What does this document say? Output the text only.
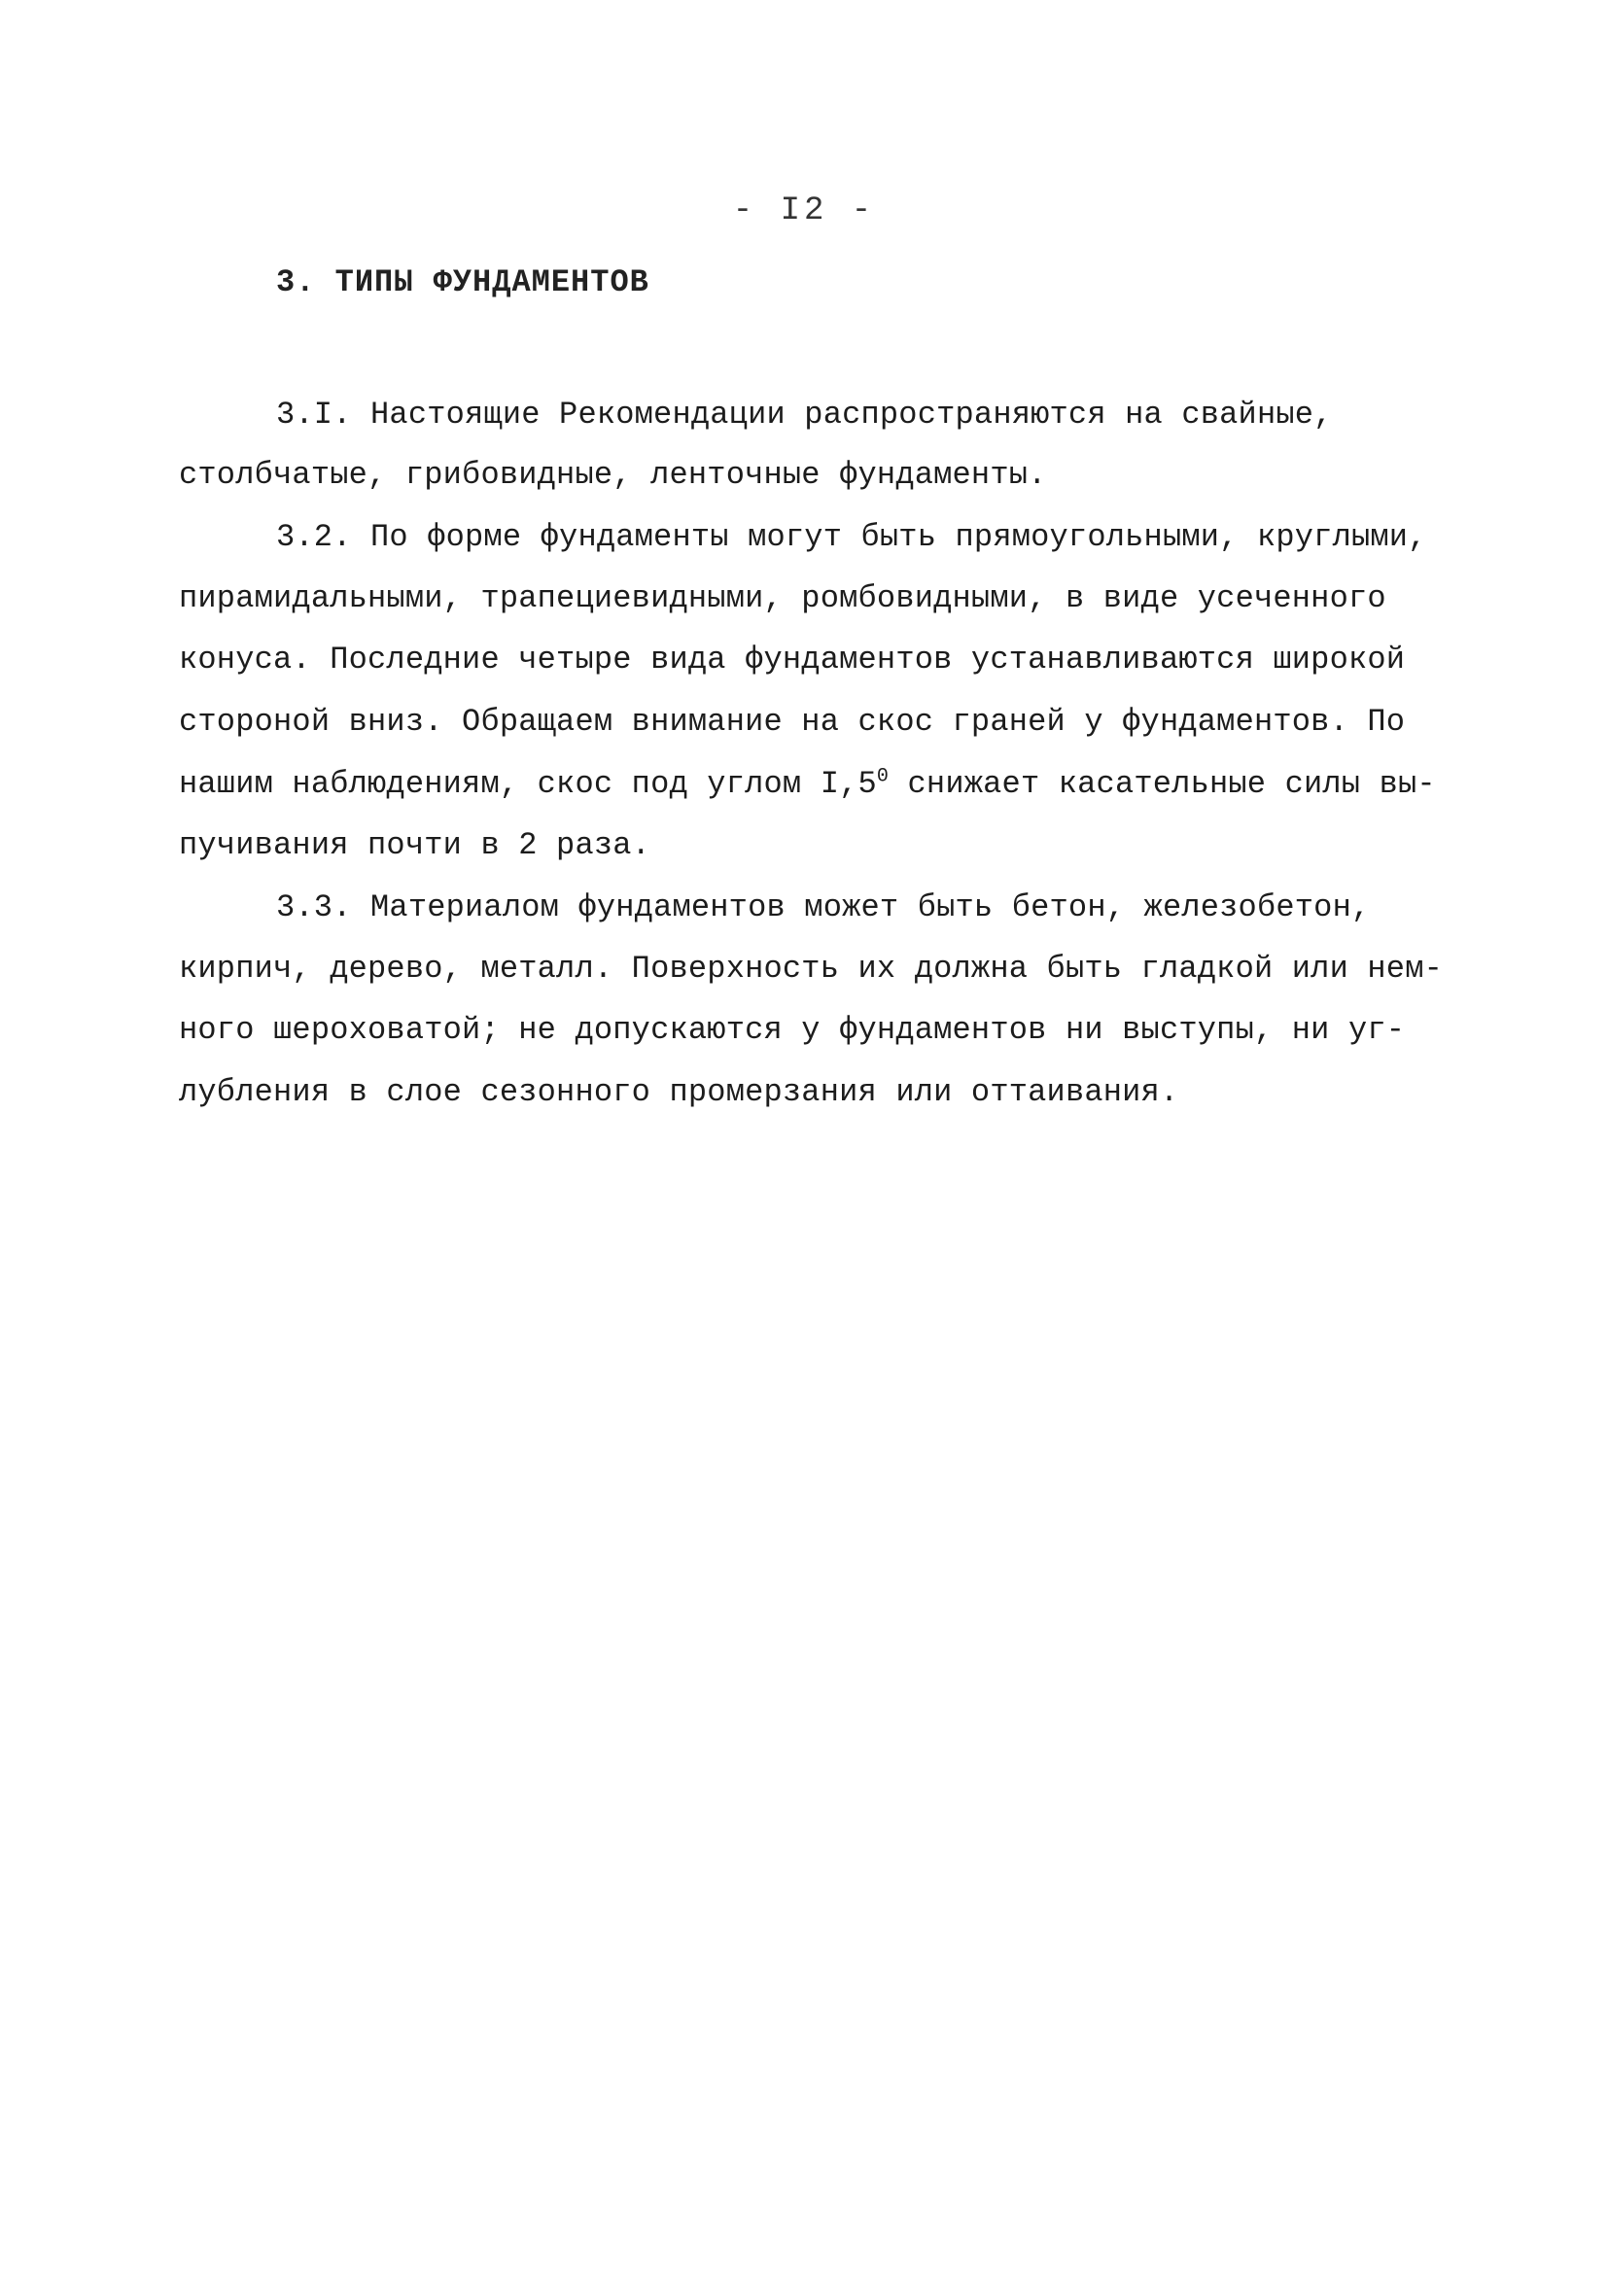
- I2 -
3. ТИПЫ ФУНДАМЕНТОВ
3.I. Настоящие Рекомендации распространяются на свайные,
столбчатые, грибовидные, ленточные фундаменты.
3.2. По форме фундаменты могут быть прямоугольными, круглыми,
пирамидальными, трапециевидными, ромбовидными, в виде усеченного
конуса. Последние четыре вида фундаментов устанавливаются широкой
стороной вниз. Обращаем внимание на скос граней у фундаментов. По
нашим наблюдениям, скос под углом $I,5^0$ снижает касательные силы вы-
пучивания почти в 2 раза.
3.3. Материалом фундаментов может быть бетон, железобетон,
кирпич, дерево, металл. Поверхность их должна быть гладкой или нем-
ного шероховатой; не допускаются у фундаментов ни выступы, ни уг-
лубления в слое сезонного промерзания или оттаивания.
